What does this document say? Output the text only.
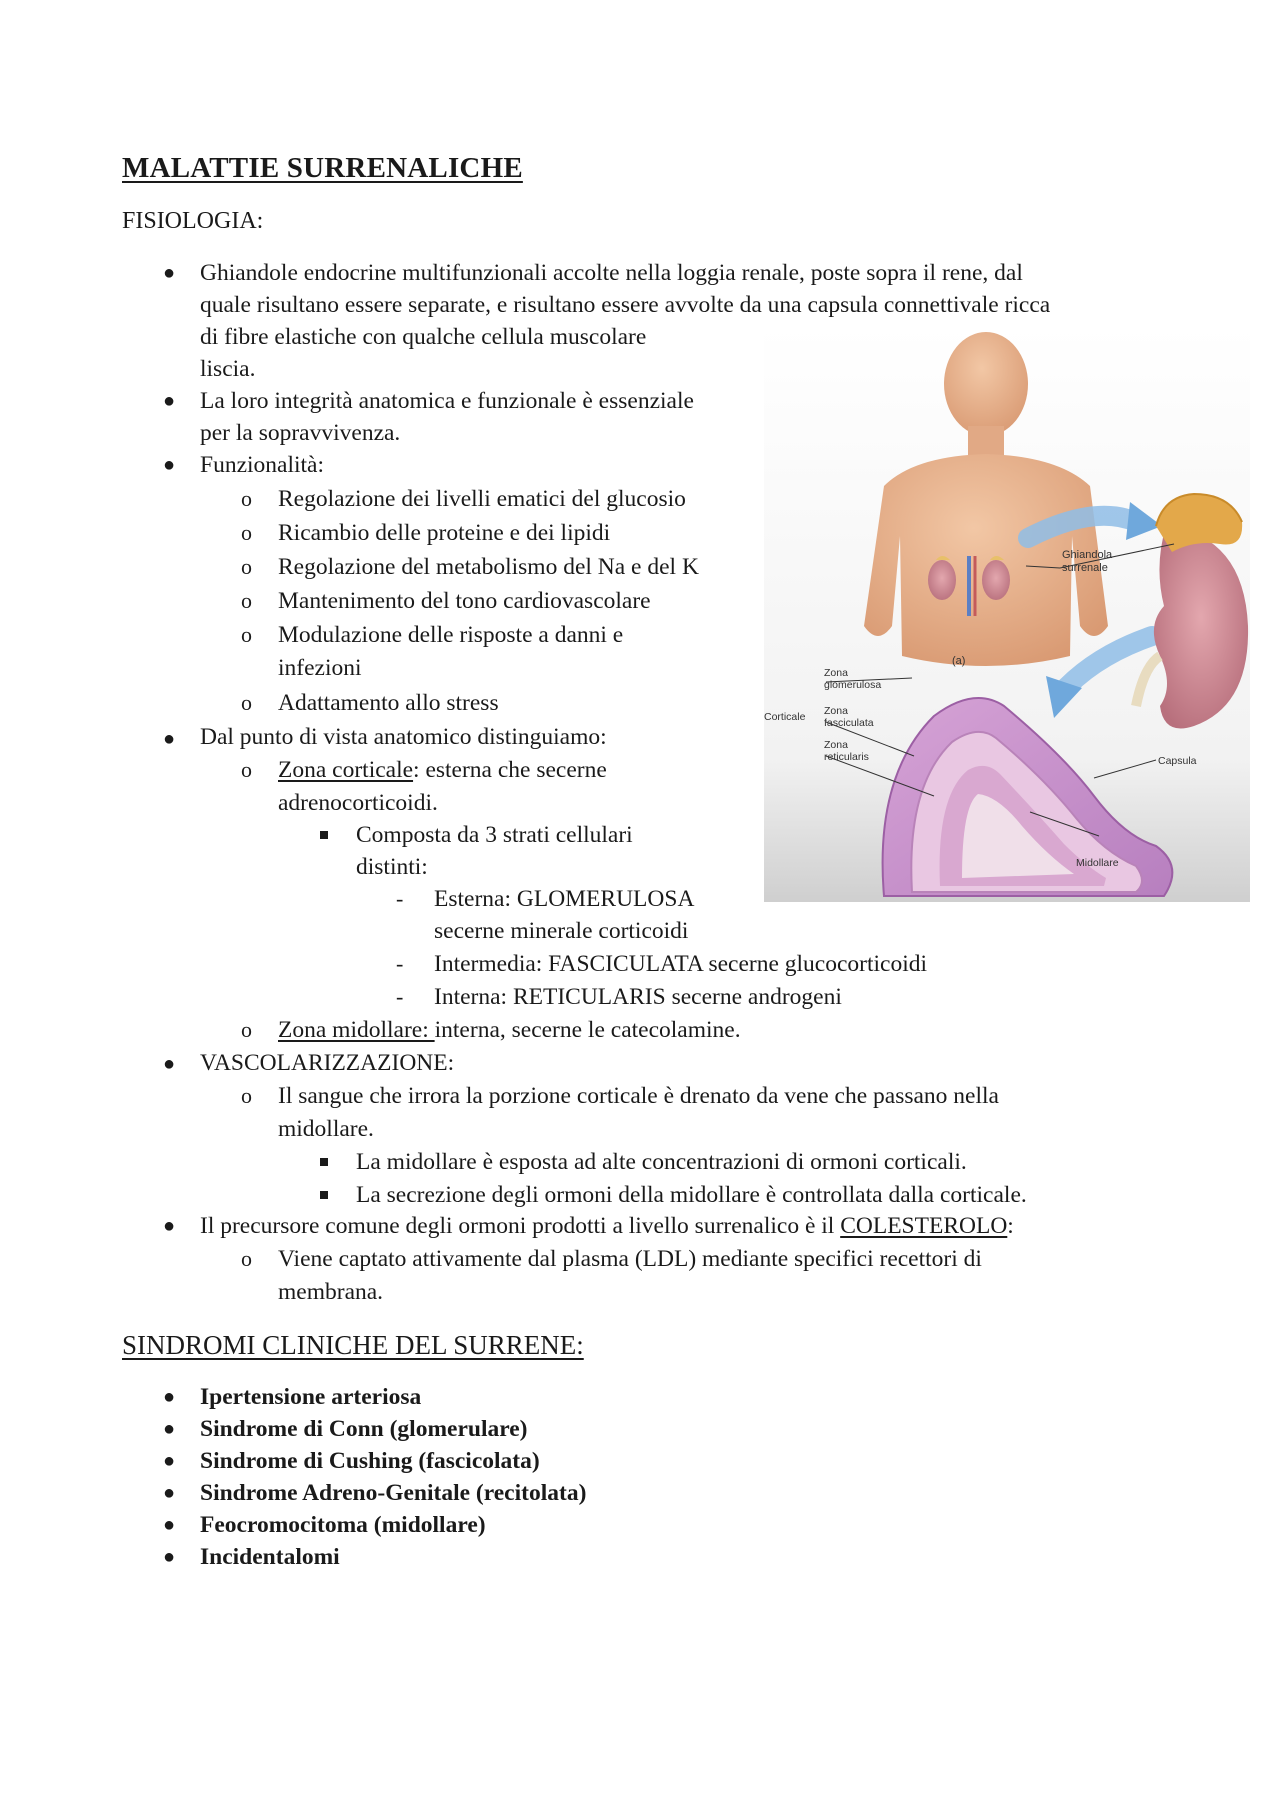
MALATTIE SURRENALICHE
FISIOLOGIA:
●
●
●
●
●
●
Ghiandole endocrine multifunzionali accolte nella loggia renale, poste sopra il rene, dal
quale risultano essere separate, e risultano essere avvolte da una capsula connettivale ricca
di fibre elastiche con qualche cellula muscolare
liscia.
La loro integrità anatomica e funzionale è essenziale
per la sopravvivenza.
Funzionalità:
o
o
o
o
o
o
Regolazione dei livelli ematici del glucosio
Ricambio delle proteine e dei lipidi
Regolazione del metabolismo del Na e del K
Mantenimento del tono cardiovascolare
Modulazione delle risposte a danni e
infezioni
Adattamento allo stress
Dal punto di vista anatomico distinguiamo:
o Zona corticale: esterna che secerne
adrenocorticoidi.
Composta da 3 strati cellulari
distinti:
- Esterna: GLOMERULOSA
secerne minerale corticoidi
- Intermedia: FASCICULATA secerne glucocorticoidi
- Interna: RETICULARIS secerne androgeni
o Zona midollare: interna, secerne le catecolamine.
VASCOLARIZZAZIONE:
o Il sangue che irrora la porzione corticale è drenato da vene che passano nella
midollare.
La midollare è esposta ad alte concentrazioni di ormoni corticali.
La secrezione degli ormoni della midollare è controllata dalla corticale.
Il precursore comune degli ormoni prodotti a livello surrenalico è il COLESTEROLO:
o Viene captato attivamente dal plasma (LDL) mediante specifici recettori di
membrana.
SINDROMI CLINICHE DEL SURRENE:
●
●
●
●
●
●
Ipertensione arteriosa
Sindrome di Conn (glomerulare)
Sindrome di Cushing (fascicolata)
Sindrome Adreno-Genitale (recitolata)
Feocromocitoma (midollare)
Incidentalomi
Ghiandola
surrenale
(a)
Zona
glomerulosa
Corticale Zona
fasciculata
Zona
reticularis	Capsula
Midollare
